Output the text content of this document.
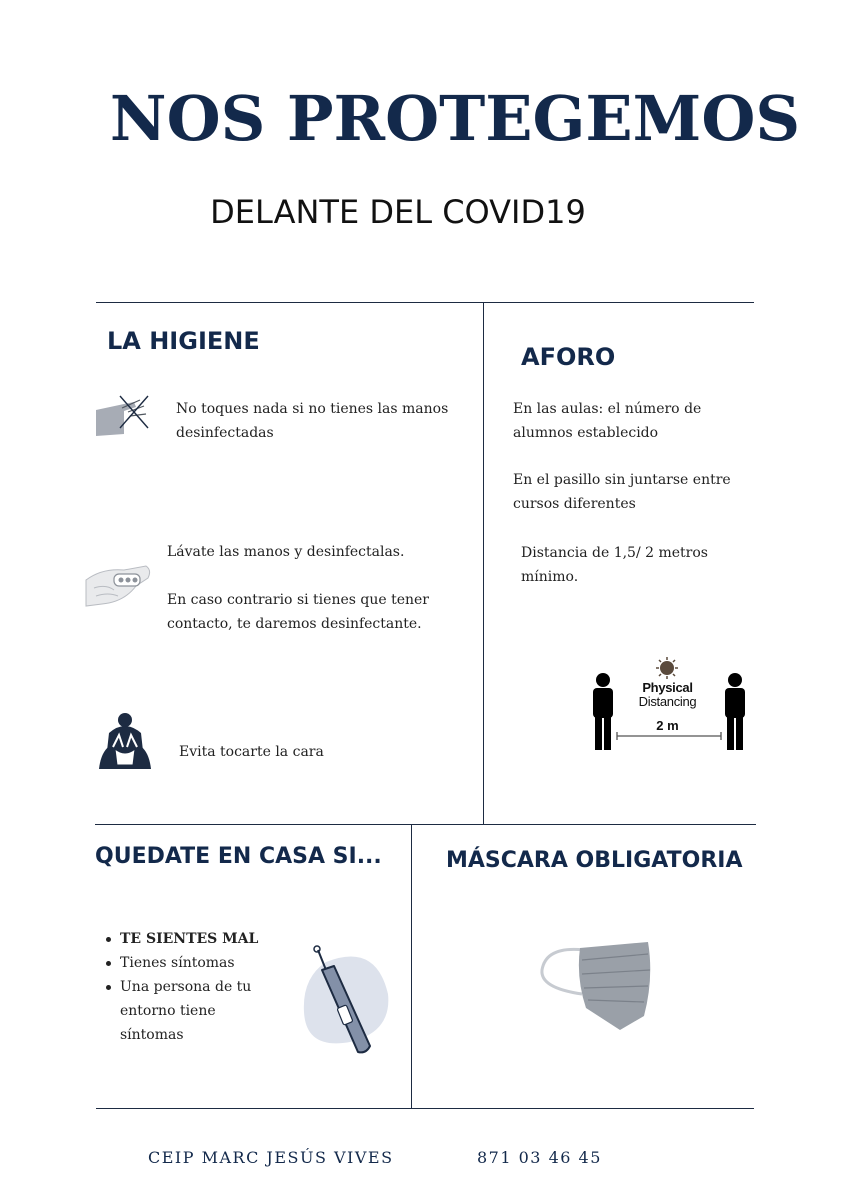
NOS PROTEGEMOS
DELANTE DEL COVID19
LA HIGIENE
No toques nada si no tienes las manos
desinfectadas
Lávate las manos y desinfectalas.
En caso contrario si tienes que tener
contacto, te daremos desinfectante.
Evita tocarte la cara
AFORO
En las aulas: el número de
alumnos establecido
En el pasillo sin juntarse entre
cursos diferentes
Distancia de 1,5/ 2 metros
mínimo.
Physical
Distancing
2 m
QUEDATE EN CASA SI...
TE SIENTES MAL
Tienes síntomas
Una persona de tu entorno tiene síntomas
MÁSCARA OBLIGATORIA
CEIP MARC JESÚS VIVES	871 03 46 45
